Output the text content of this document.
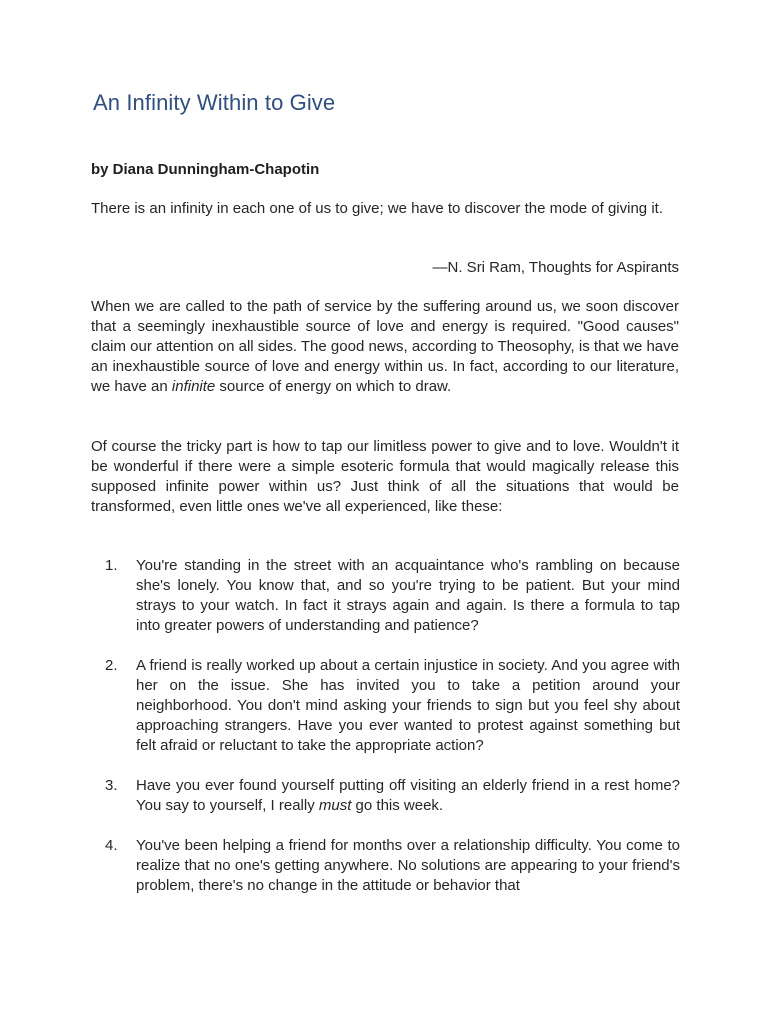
An Infinity Within to Give

by Diana Dunningham-Chapotin

There is an infinity in each one of us to give; we have to discover the mode of giving it.

—N. Sri Ram, Thoughts for Aspirants

When we are called to the path of service by the suffering around us, we soon discover that a seemingly inexhaustible source of love and energy is required. "Good causes" claim our attention on all sides. The good news, according to Theosophy, is that we have an inexhaustible source of love and energy within us. In fact, according to our literature, we have an infinite source of energy on which to draw.

Of course the tricky part is how to tap our limitless power to give and to love. Wouldn't it be wonderful if there were a simple esoteric formula that would magically release this supposed infinite power within us? Just think of all the situations that would be transformed, even little ones we've all experienced, like these:

1. You're standing in the street with an acquaintance who's rambling on because she's lonely. You know that, and so you're trying to be patient. But your mind strays to your watch. In fact it strays again and again. Is there a formula to tap into greater powers of understanding and patience?

2. A friend is really worked up about a certain injustice in society. And you agree with her on the issue. She has invited you to take a petition around your neighborhood. You don't mind asking your friends to sign but you feel shy about approaching strangers. Have you ever wanted to protest against something but felt afraid or reluctant to take the appropriate action?

3. Have you ever found yourself putting off visiting an elderly friend in a rest home? You say to yourself, I really must go this week.

4. You've been helping a friend for months over a relationship difficulty. You come to realize that no one's getting anywhere. No solutions are appearing to your friend's problem, there's no change in the attitude or behavior that
